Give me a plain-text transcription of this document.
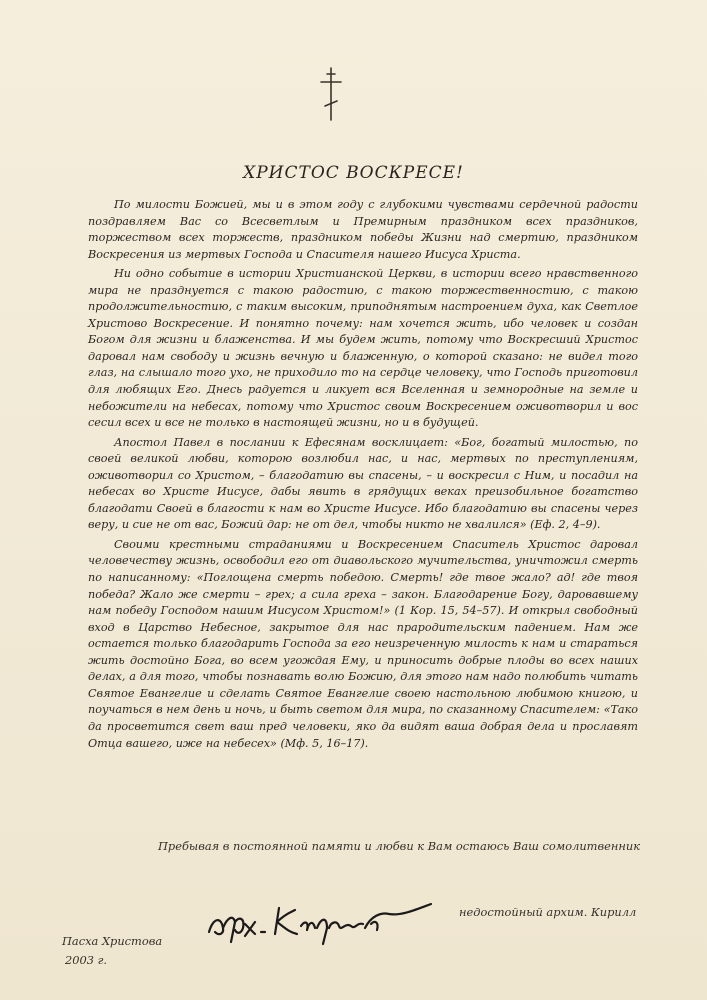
ХРИСТОС ВОСКРЕСЕ!

По милости Божией, мы и в этом году с глубокими чувствами сердечной радости поздравляем Вас со Всесветлым и Премирным праздником всех праздников, торжеством всех торжеств, праздником победы Жизни над смертию, праздником Воскресения из мертвых Господа и Спасителя нашего Иисуса Христа.

Ни одно событие в истории Христианской Церкви, в истории всего нравственного мира не празднуется с такою радостию, с такою торжественностию, с такою продолжительностию, с таким высоким, приподнятым настроением духа, как Светлое Христово Воскресение. И понятно почему: нам хочется жить, ибо человек и создан Богом для жизни и блаженства. И мы будем жить, потому что Воскресший Христос даровал нам свободу и жизнь вечную и блаженную, о которой сказано: не видел того глаз, на слышало того ухо, не приходило то на сердце человеку, что Господь приготовил для любящих Его. Днесь радуется и ликует вся Вселенная и земнородные на земле и небожители на небесах, потому что Христос своим Воскресением оживотворил и вос сесил всех и все не только в настоящей жизни, но и в будущей.

Апостол Павел в послании к Ефесянам восклицает: «Бог, богатый милостью, по своей великой любви, которою возлюбил нас, и нас, мертвых по преступлениям, оживотворил со Христом, – благодатию вы спасены, – и воскресил с Ним, и посадил на небесах во Христе Иисусе, дабы явить в грядущих веках преизобильное богатство благодати Своей в благости к нам во Христе Иисусе. Ибо благодатию вы спасены через веру, и сие не от вас, Божий дар: не от дел, чтобы никто не хвалился» (Еф. 2, 4–9).

Своими крестными страданиями и Воскресением Спаситель Христос даровал человечеству жизнь, освободил его от диавольского мучительства, уничтожил смерть по написанному: «Поглощена смерть победою. Смерть! где твое жало? ад! где твоя победа? Жало же смерти – грех; а сила греха – закон. Благодарение Богу, даровавшему нам победу Господом нашим Иисусом Христом!» (1 Кор. 15, 54–57). И открыл свободный вход в Царство Небесное, закрытое для нас прародительским падением. Нам же остается только благодарить Господа за его неизреченную милость к нам и стараться жить достойно Бога, во всем угождая Ему, и приносить добрые плоды во всех наших делах, а для того, чтобы познавать волю Божию, для этого нам надо полюбить читать Святое Евангелие и сделать Святое Евангелие своею настольною любимою книгою, и поучаться в нем день и ночь, и быть светом для мира, по сказанному Спасителем: «Тако да просветится свет ваш пред человеки, яко да видят ваша добрая дела и прославят Отца вашего, иже на небесех» (Мф. 5, 16–17).

Пребывая в постоянной памяти и любви к Вам остаюсь Ваш сомолитвенник
недостойный архим. Кирилл
Пасха Христова
2003 г.
